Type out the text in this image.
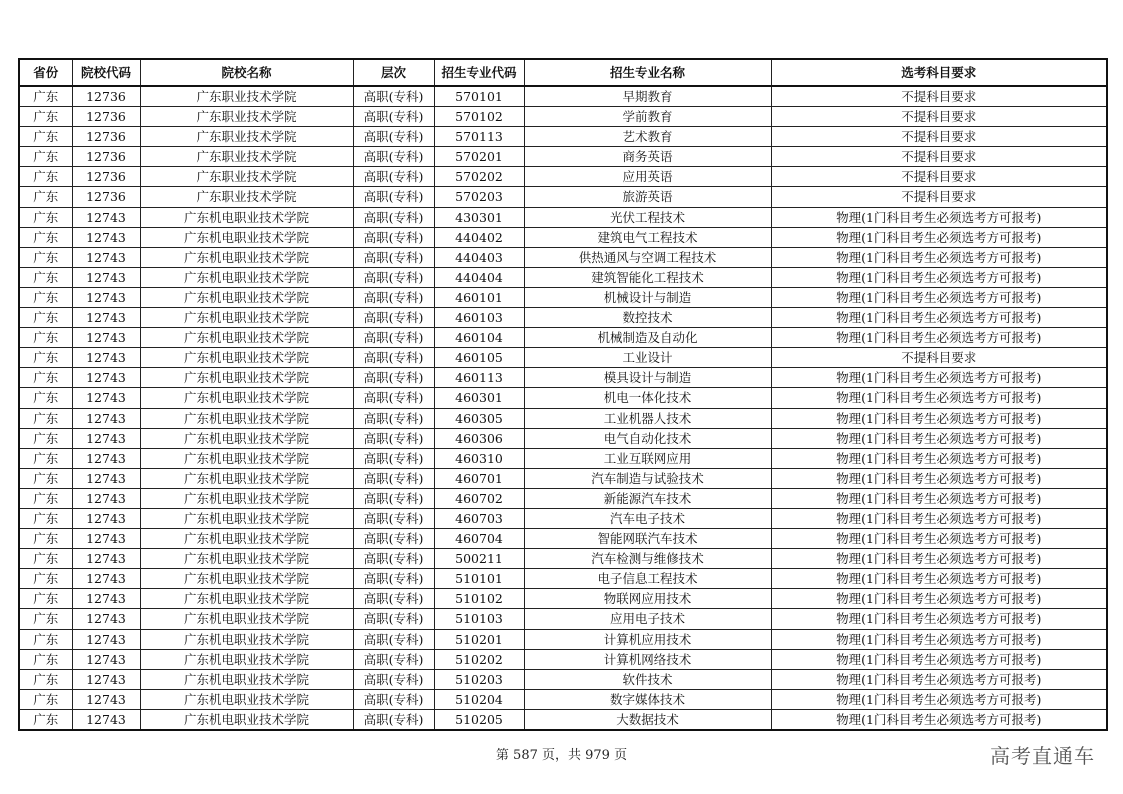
省份	院校代码	院校名称	层次	招生专业代码	招生专业名称	选考科目要求
广东	12736	广东职业技术学院	高职(专科)	570101	早期教育	不提科目要求
广东	12736	广东职业技术学院	高职(专科)	570102	学前教育	不提科目要求
广东	12736	广东职业技术学院	高职(专科)	570113	艺术教育	不提科目要求
广东	12736	广东职业技术学院	高职(专科)	570201	商务英语	不提科目要求
广东	12736	广东职业技术学院	高职(专科)	570202	应用英语	不提科目要求
广东	12736	广东职业技术学院	高职(专科)	570203	旅游英语	不提科目要求
广东	12743	广东机电职业技术学院	高职(专科)	430301	光伏工程技术	物理(1门科目考生必须选考方可报考)
广东	12743	广东机电职业技术学院	高职(专科)	440402	建筑电气工程技术	物理(1门科目考生必须选考方可报考)
广东	12743	广东机电职业技术学院	高职(专科)	440403	供热通风与空调工程技术	物理(1门科目考生必须选考方可报考)
广东	12743	广东机电职业技术学院	高职(专科)	440404	建筑智能化工程技术	物理(1门科目考生必须选考方可报考)
广东	12743	广东机电职业技术学院	高职(专科)	460101	机械设计与制造	物理(1门科目考生必须选考方可报考)
广东	12743	广东机电职业技术学院	高职(专科)	460103	数控技术	物理(1门科目考生必须选考方可报考)
广东	12743	广东机电职业技术学院	高职(专科)	460104	机械制造及自动化	物理(1门科目考生必须选考方可报考)
广东	12743	广东机电职业技术学院	高职(专科)	460105	工业设计	不提科目要求
广东	12743	广东机电职业技术学院	高职(专科)	460113	模具设计与制造	物理(1门科目考生必须选考方可报考)
广东	12743	广东机电职业技术学院	高职(专科)	460301	机电一体化技术	物理(1门科目考生必须选考方可报考)
广东	12743	广东机电职业技术学院	高职(专科)	460305	工业机器人技术	物理(1门科目考生必须选考方可报考)
广东	12743	广东机电职业技术学院	高职(专科)	460306	电气自动化技术	物理(1门科目考生必须选考方可报考)
广东	12743	广东机电职业技术学院	高职(专科)	460310	工业互联网应用	物理(1门科目考生必须选考方可报考)
广东	12743	广东机电职业技术学院	高职(专科)	460701	汽车制造与试验技术	物理(1门科目考生必须选考方可报考)
广东	12743	广东机电职业技术学院	高职(专科)	460702	新能源汽车技术	物理(1门科目考生必须选考方可报考)
广东	12743	广东机电职业技术学院	高职(专科)	460703	汽车电子技术	物理(1门科目考生必须选考方可报考)
广东	12743	广东机电职业技术学院	高职(专科)	460704	智能网联汽车技术	物理(1门科目考生必须选考方可报考)
广东	12743	广东机电职业技术学院	高职(专科)	500211	汽车检测与维修技术	物理(1门科目考生必须选考方可报考)
广东	12743	广东机电职业技术学院	高职(专科)	510101	电子信息工程技术	物理(1门科目考生必须选考方可报考)
广东	12743	广东机电职业技术学院	高职(专科)	510102	物联网应用技术	物理(1门科目考生必须选考方可报考)
广东	12743	广东机电职业技术学院	高职(专科)	510103	应用电子技术	物理(1门科目考生必须选考方可报考)
广东	12743	广东机电职业技术学院	高职(专科)	510201	计算机应用技术	物理(1门科目考生必须选考方可报考)
广东	12743	广东机电职业技术学院	高职(专科)	510202	计算机网络技术	物理(1门科目考生必须选考方可报考)
广东	12743	广东机电职业技术学院	高职(专科)	510203	软件技术	物理(1门科目考生必须选考方可报考)
广东	12743	广东机电职业技术学院	高职(专科)	510204	数字媒体技术	物理(1门科目考生必须选考方可报考)
广东	12743	广东机电职业技术学院	高职(专科)	510205	大数据技术	物理(1门科目考生必须选考方可报考)
第 587 页，共 979 页	高考直通车
